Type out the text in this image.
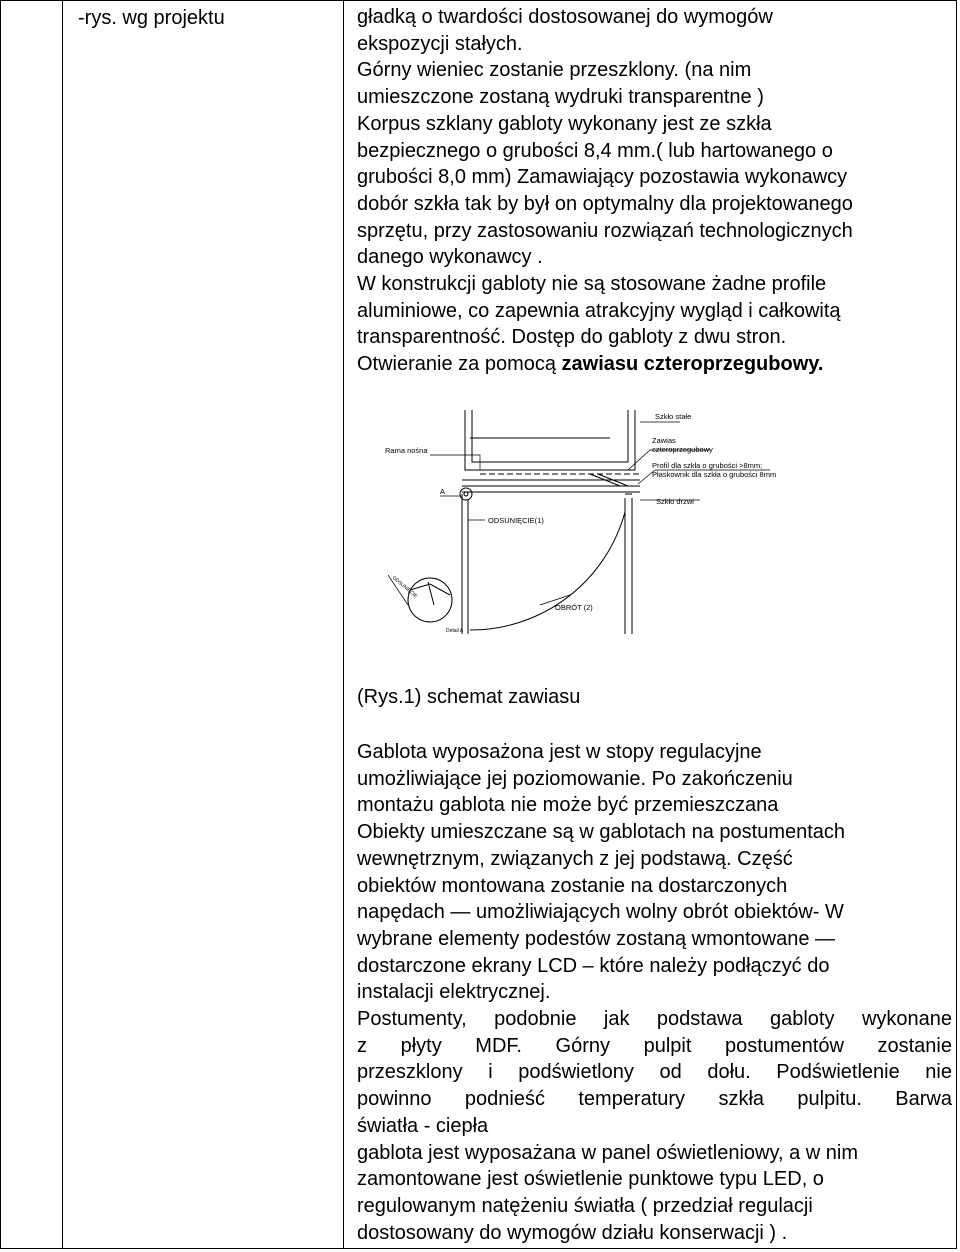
-rys. wg projektu	gładką o twardości dostosowanej do wymogów
ekspozycji stałych.
Górny wieniec zostanie przeszklony. (na nim
umieszczone zostaną wydruki transparentne )
Korpus szklany gabloty wykonany jest ze szkła
bezpiecznego o grubości 8,4 mm.( lub hartowanego o
grubości 8,0 mm) Zamawiający pozostawia wykonawcy
dobór szkła tak by był on optymalny dla projektowanego
sprzętu, przy zastosowaniu rozwiązań technologicznych
danego wykonawcy .
W konstrukcji gabloty nie są stosowane żadne profile
aluminiowe, co zapewnia atrakcyjny wygląd i całkowitą
transparentność. Dostęp do gabloty z dwu stron.
Otwieranie za pomocą zawiasu czteroprzegubowy.
Szkło stałe
Zawias
czteroprzegubowy
Rama nośna
Profil dla szkła o grubości >8mm;
Płaskownik dla szkła o grubości 8mm
A
Szkło drzwi
ODSUNIĘCIE(1)
OBRÓT (2)
Detail A
ODSUNIĘCIE
(Rys.1) schemat zawiasu
Gablota wyposażona jest w stopy regulacyjne
umożliwiające jej poziomowanie. Po zakończeniu
montażu gablota nie może być przemieszczana
Obiekty umieszczane są w gablotach na postumentach
wewnętrznym, związanych z jej podstawą. Część
obiektów montowana zostanie na dostarczonych
napędach — umożliwiających wolny obrót obiektów- W
wybrane elementy podestów zostaną wmontowane —
dostarczone ekrany LCD – które należy podłączyć do
instalacji elektrycznej.
Postumenty, podobnie jak podstawa gabloty wykonane
z płyty MDF. Górny pulpit postumentów zostanie
przeszklony i podświetlony od dołu. Podświetlenie nie
powinno podnieść temperatury szkła pulpitu. Barwa
światła - ciepła
gablota jest wyposażana w panel oświetleniowy, a w nim
zamontowane jest oświetlenie punktowe typu LED, o
regulowanym natężeniu światła ( przedział regulacji
dostosowany do wymogów działu konserwacji ) .
